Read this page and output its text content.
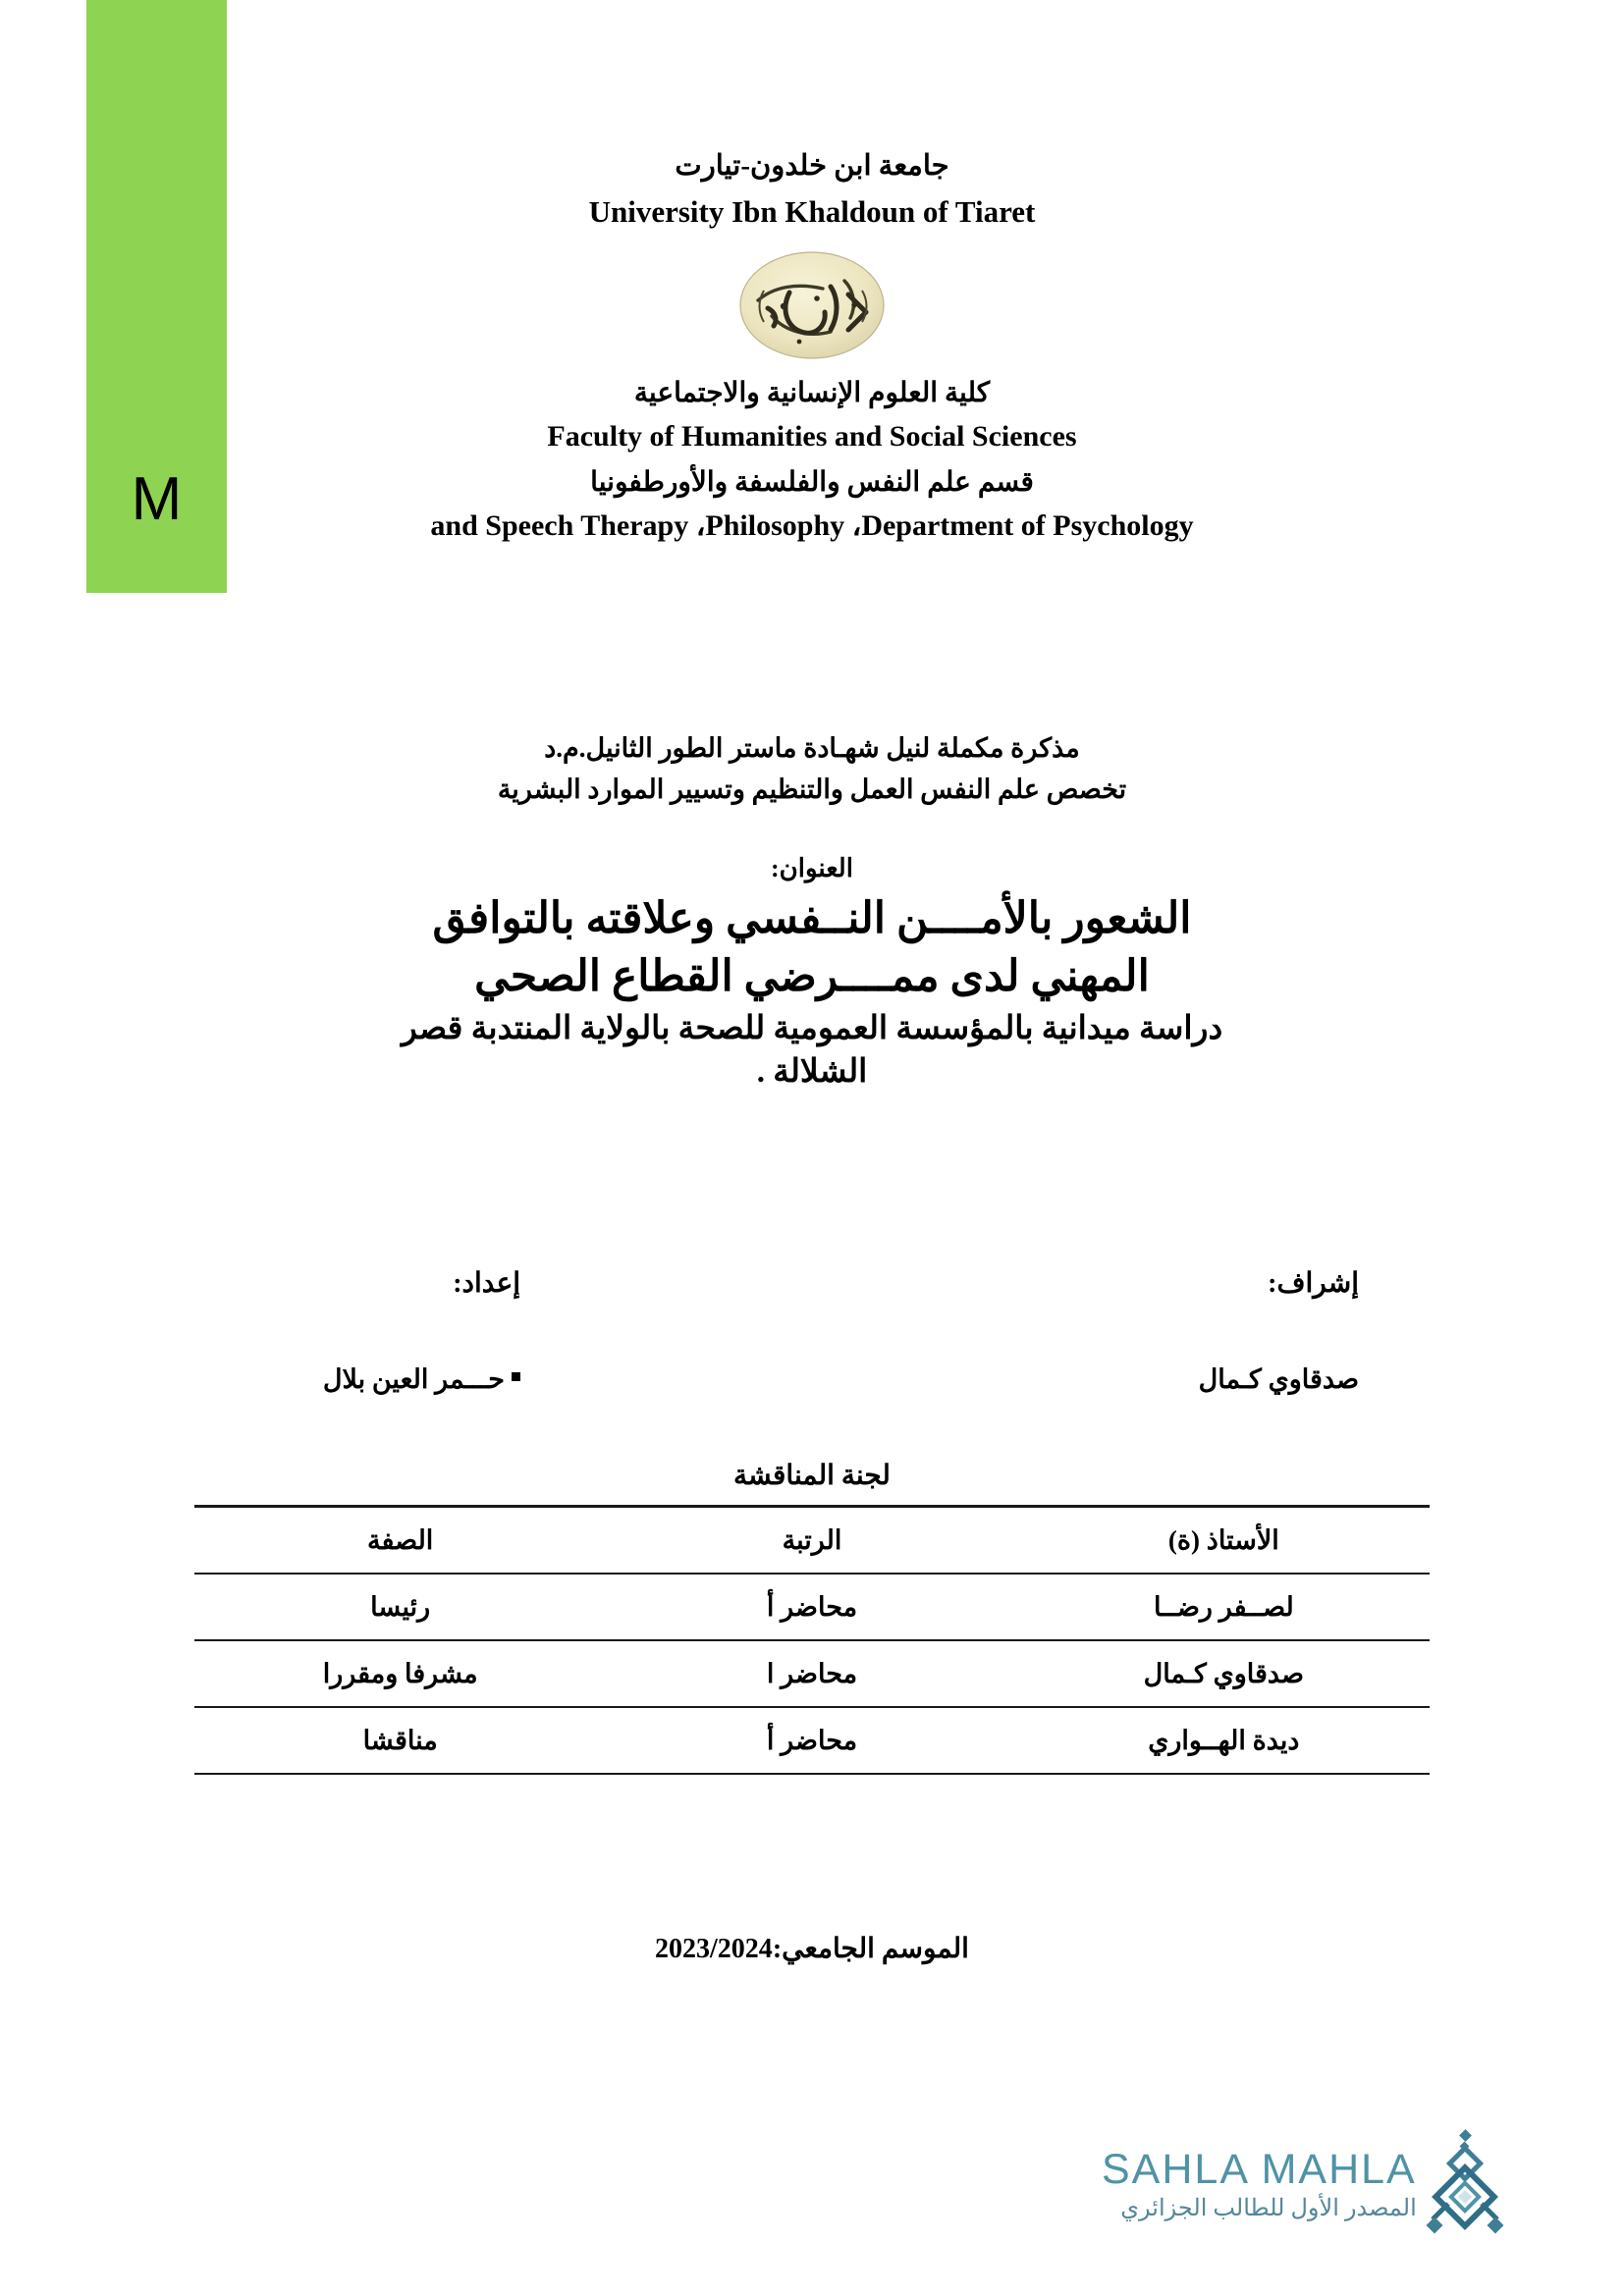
M
جامعة ابن خلدون-تيارت
University Ibn Khaldoun of Tiaret
كلية العلوم الإنسانية والاجتماعية
Faculty of Humanities and Social Sciences
قسم علم النفس والفلسفة والأورطفونيا
and Speech Therapy ،Philosophy ،Department of Psychology
مذكرة مكملة لنيل شهـادة ماستر الطور الثانيل.م.د
تخصص علم النفس العمل والتنظيم وتسيير الموارد البشرية
العنوان:
الشعور بالأمــــن النــفسي وعلاقته بالتوافق
المهني لدى ممــــرضي القطاع الصحي
دراسة ميدانية بالمؤسسة العمومية للصحة بالولاية المنتدبة قصر
الشلالة .
إعداد:
حـــمر العين بلال
إشراف:
صدقاوي كـمال
لجنة المناقشة
الأستاذ (ة)	الرتبة	الصفة
لصــفر رضــا	محاضر أ	رئيسا
صدقاوي كـمال	محاضر ا	مشرفا ومقررا
ديدة الهــواري	محاضر أ	مناقشا
الموسم الجامعي:2023/2024
SAHLA MAHLA
المصدر الأول للطالب الجزائري
